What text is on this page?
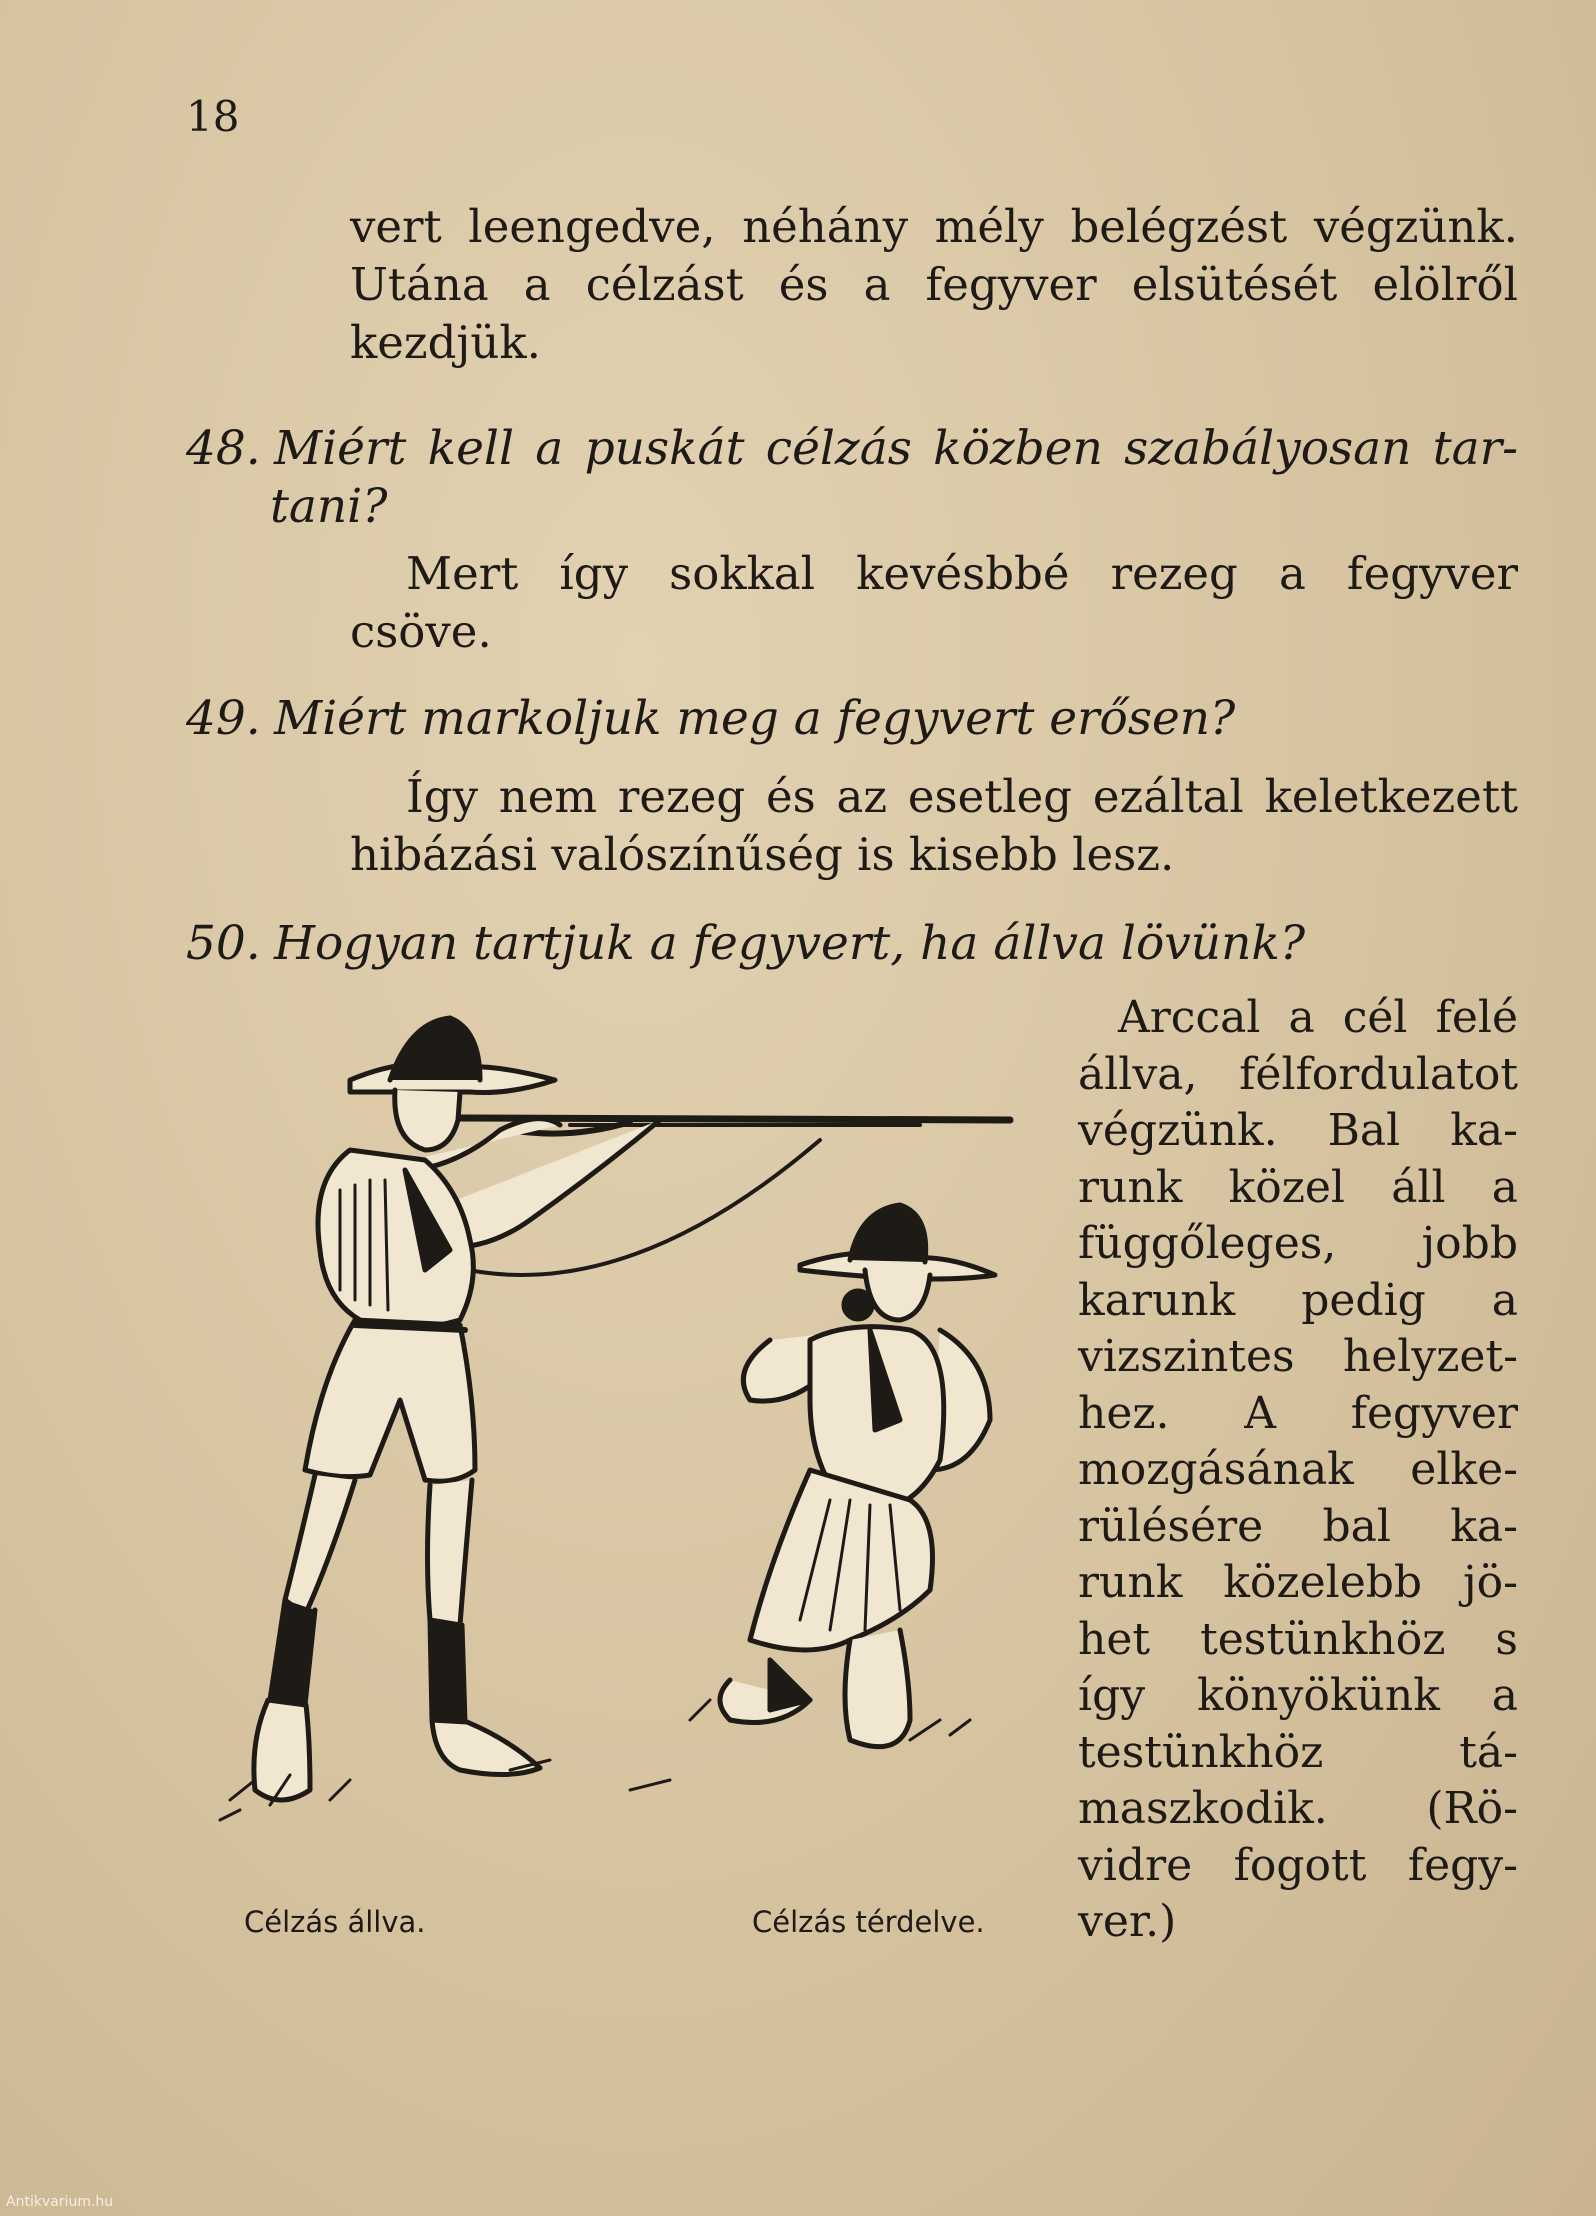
18
vert leengedve, néhány mély belégzést végzünk.
Utána a célzást és a fegyver elsütését elölről
kezdjük.
48. Miért kell a puskát célzás közben szabályosan tar-
tani?
Mert így sokkal kevésbbé rezeg a fegyver
csöve.
49. Miért markoljuk meg a fegyvert erősen?
Így nem rezeg és az esetleg ezáltal keletkezett
hibázási valószínűség is kisebb lesz.
50. Hogyan tartjuk a fegyvert, ha állva lövünk?
Arccal a cél felé
állva, félfordulatot
végzünk. Bal ka-
runk közel áll a
függőleges, jobb
karunk pedig a
vizszintes helyzet-
hez. A fegyver
mozgásának elke-
rülésére bal ka-
runk közelebb jö-
het testünkhöz s
így könyökünk a
testünkhöz tá-
maszkodik. (Rö-
vidre fogott fegy-
ver.)
Célzás állva.	Célzás térdelve.
Antikvarium.hu
